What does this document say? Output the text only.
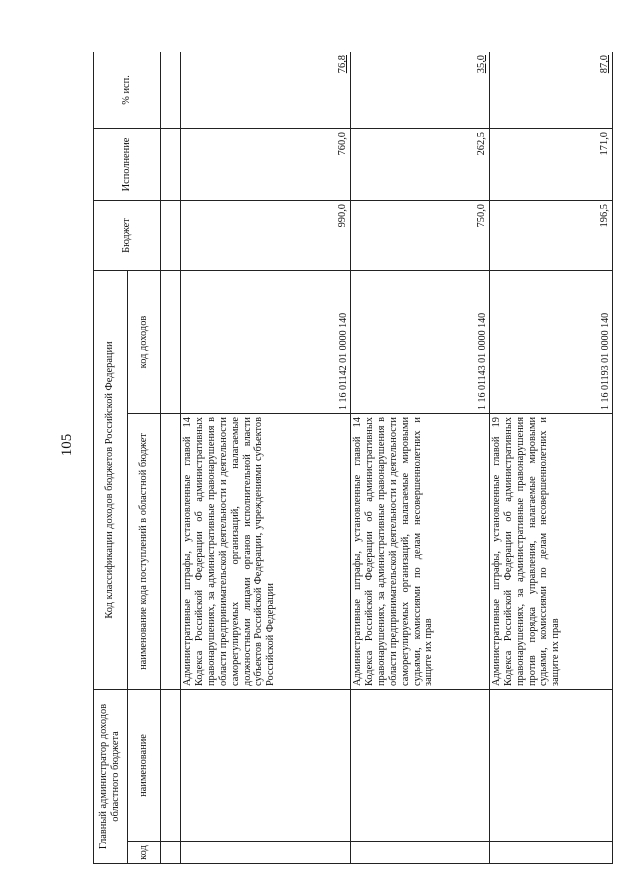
105
Главный администратор доходов областного бюджета		Код классификации доходов бюджетов Российской Федерации		Бюджет	Исполнение	% исп.
код	наименование	наименование кода поступлений в областной бюджет	код доходов			

		Административные штрафы, установленные главой 14 Кодекса Российской Федерации об административных правонарушениях, за административные правонарушения в области предпринимательской деятельности и деятельности саморегулируемых организаций, налагаемые должностными лицами органов исполнительной власти субъектов Российской Федерации, учреждениями субъектов Российской Федерации	1 16 01142 01 0000 140	990,0	760,0	76,8
		Административные штрафы, установленные главой 14 Кодекса Российской Федерации об административных правонарушениях, за административные правонарушения в области предпринимательской деятельности и деятельности саморегулируемых организаций, налагаемые мировыми судьями, комиссиями по делам несовершеннолетних и защите их прав	1 16 01143 01 0000 140	750,0	262,5	35,0
		Административные штрафы, установленные главой 19 Кодекса Российской Федерации об административных правонарушениях, за административные правонарушения против порядка управления, налагаемые мировыми судьями, комиссиями по делам несовершеннолетних и защите их прав	1 16 01193 01 0000 140	196,5	171,0	87,0
